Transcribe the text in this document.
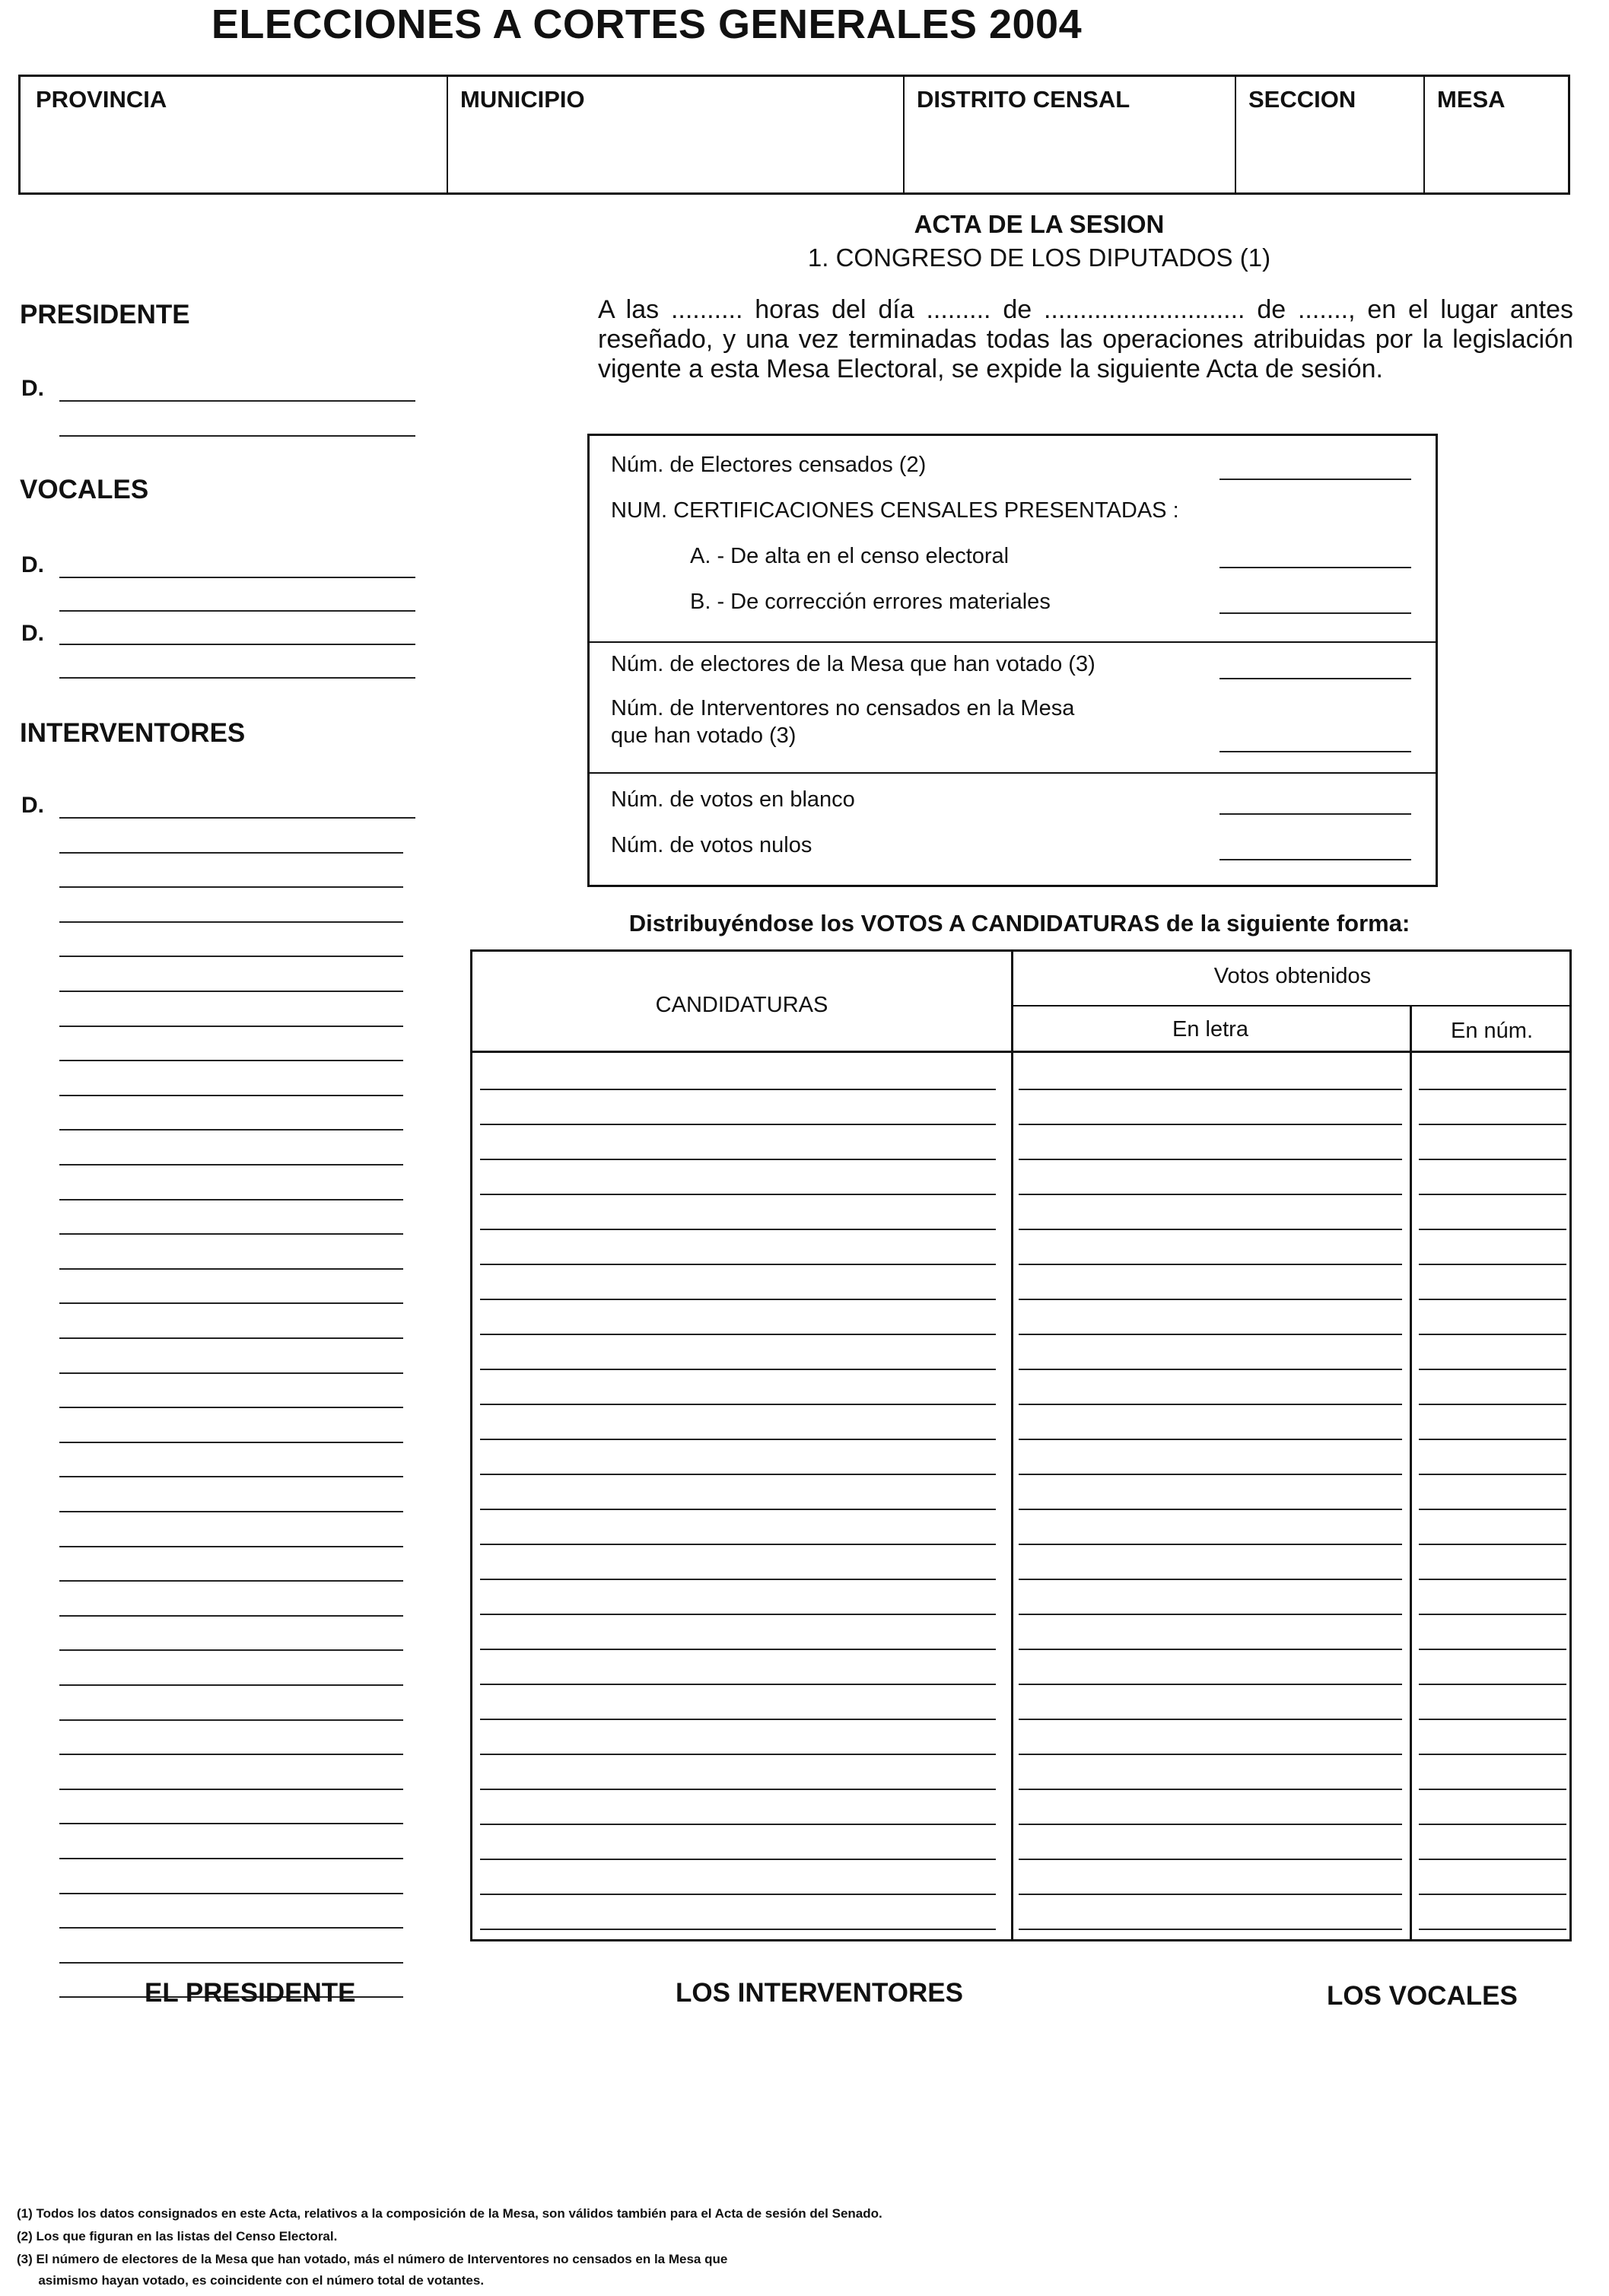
ELECCIONES A CORTES GENERALES 2004
PROVINCIA	MUNICIPIO	DISTRITO CENSAL	SECCION	MESA
ACTA DE LA SESION
1. CONGRESO DE LOS DIPUTADOS (1)
A las .......... horas del día ......... de ............................ de ......., en el lugar antes reseñado, y una vez terminadas todas las operaciones atribuidas por la legislación vigente a esta Mesa Electoral, se expide la siguiente Acta de sesión.
PRESIDENTE
D.
VOCALES
D.
D.
INTERVENTORES
D.
Núm. de Electores censados (2)
NUM. CERTIFICACIONES CENSALES PRESENTADAS :
A. - De alta en el censo electoral
B. - De corrección errores materiales
Núm. de electores de la Mesa que han votado (3)
Núm. de Interventores no censados en la Mesa
que han votado (3)
Núm. de votos en blanco
Núm. de votos nulos
Distribuyéndose los VOTOS A CANDIDATURAS de la siguiente forma:
CANDIDATURAS
Votos obtenidos
En letra	En núm.
EL PRESIDENTE	LOS INTERVENTORES	LOS VOCALES
(1) Todos los datos consignados en este Acta, relativos a la composición de la Mesa, son válidos también para el Acta de sesión del Senado.
(2) Los que figuran en las listas del Censo Electoral.
(3) El número de electores de la Mesa que han votado, más el número de Interventores no censados en la Mesa que
asimismo hayan votado, es coincidente con el número total de votantes.
